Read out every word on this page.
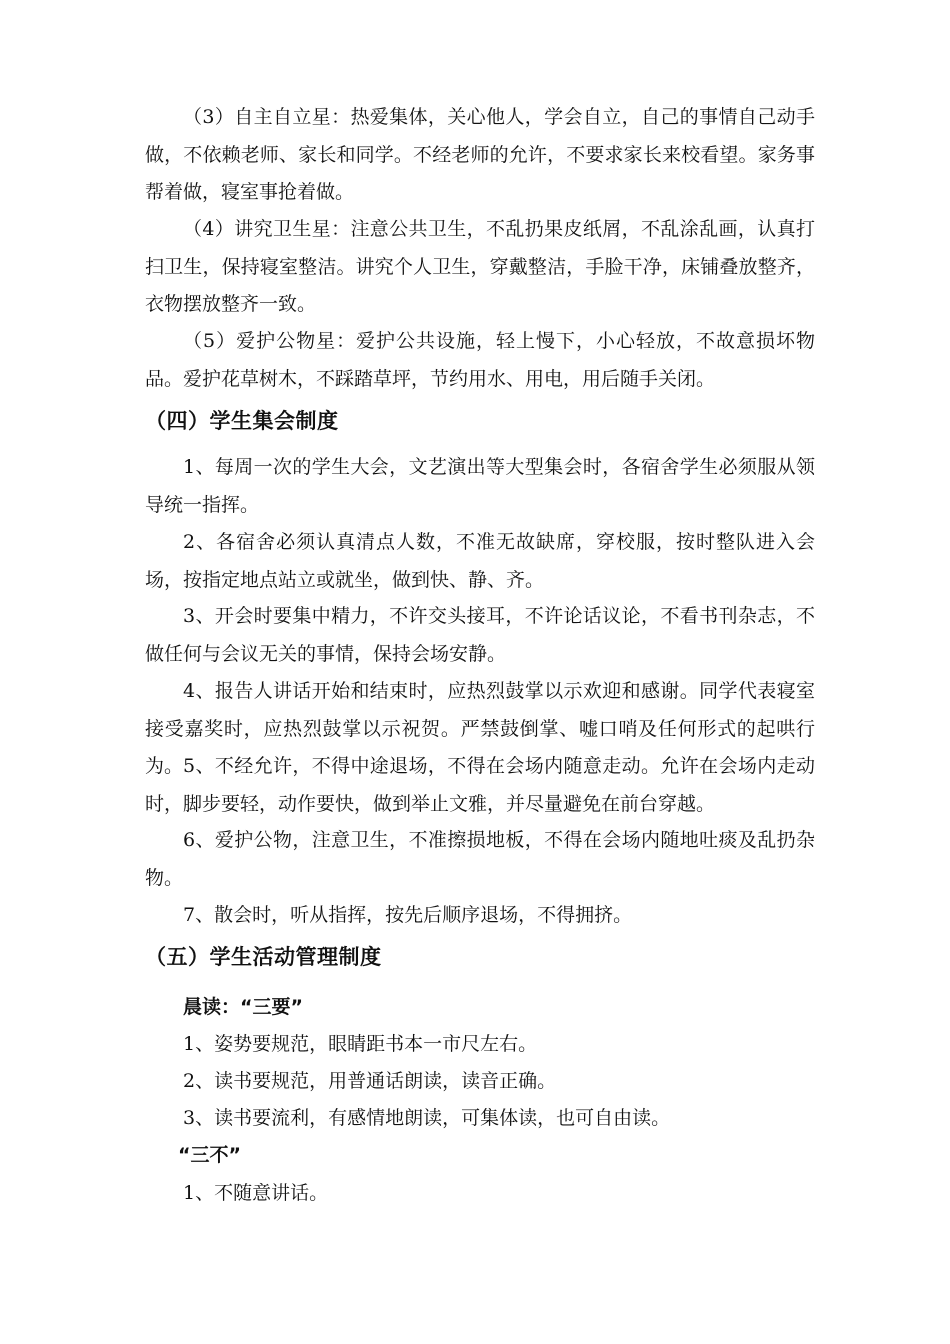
（3）自主自立星：热爱集体，关心他人，学会自立，自己的事情自己动手做，不依赖老师、家长和同学。不经老师的允许，不要求家长来校看望。家务事帮着做，寝室事抢着做。

（4）讲究卫生星：注意公共卫生，不乱扔果皮纸屑，不乱涂乱画，认真打扫卫生，保持寝室整洁。讲究个人卫生，穿戴整洁，手脸干净，床铺叠放整齐，衣物摆放整齐一致。

（5）爱护公物星：爱护公共设施，轻上慢下，小心轻放，不故意损坏物品。爱护花草树木，不踩踏草坪，节约用水、用电，用后随手关闭。

（四）学生集会制度

1、每周一次的学生大会，文艺演出等大型集会时，各宿舍学生必须服从领导统一指挥。

2、各宿舍必须认真清点人数，不准无故缺席，穿校服，按时整队进入会场，按指定地点站立或就坐，做到快、静、齐。

3、开会时要集中精力，不许交头接耳，不许论话议论，不看书刊杂志，不做任何与会议无关的事情，保持会场安静。

4、报告人讲话开始和结束时，应热烈鼓掌以示欢迎和感谢。同学代表寝室接受嘉奖时，应热烈鼓掌以示祝贺。严禁鼓倒掌、嘘口哨及任何形式的起哄行为。 5、不经允许，不得中途退场，不得在会场内随意走动。允许在会场内走动时，脚步要轻，动作要快，做到举止文雅，并尽量避免在前台穿越。

6、爱护公物，注意卫生，不准擦损地板，不得在会场内随地吐痰及乱扔杂物。

7、散会时，听从指挥，按先后顺序退场，不得拥挤。

（五）学生活动管理制度

晨读：“三要”

1、姿势要规范，眼睛距书本一市尺左右。

2、读书要规范，用普通话朗读，读音正确。

3、读书要流利，有感情地朗读，可集体读，也可自由读。

“三不”

1、不随意讲话。
